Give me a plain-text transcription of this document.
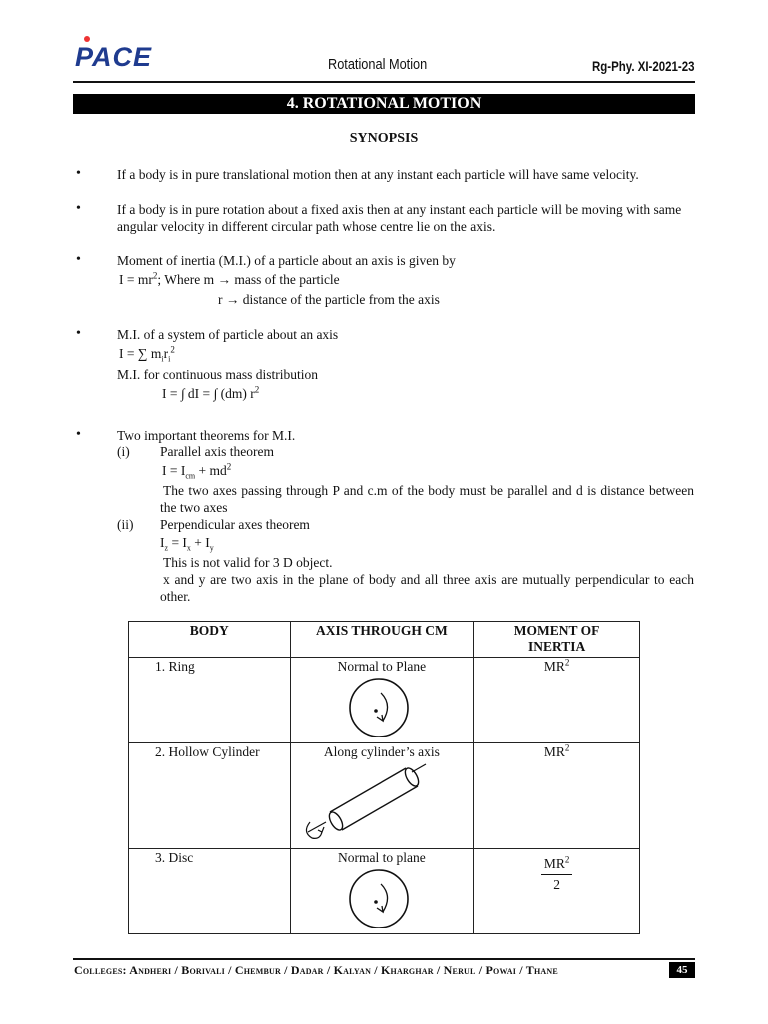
PACE	Rotational Motion	Rg-Phy. XI-2021-23
4. ROTATIONAL MOTION
SYNOPSIS
•	If a body is in pure translational motion then at any instant each particle will have same velocity.
•	If a body is in pure rotation about a fixed axis then at any instant each particle will be moving with same angular velocity in different circular path whose centre lie on the axis.
•	Moment of inertia (M.I.) of a particle about an axis is given by
$I = mr^2$; Where m → mass of the particle
r → distance of the particle from the axis
•	M.I. of a system of particle about an axis
I = ∑ $m_ir_i^2$
M.I. for continuous mass distribution
I = ∫ dI = ∫ (dm) $r^2$
•	Two important theorems for M.I.
(i) Parallel axis theorem
$I = I_{cm} + md^2$
The two axes passing through P and c.m of the body must be parallel and d is distance between the two axes
(ii) Perpendicular axes theorem
$I_z = I_x + I_y$
This is not valid for 3 D object.
x and y are two axis in the plane of body and all three axis are mutually perpendicular to each other.
BODY	AXIS THROUGH CM	MOMENT OF INERTIA
1. Ring	Normal to Plane	$MR^2$
2. Hollow Cylinder	Along cylinder’s axis	$MR^2$
3. Disc	Normal to plane	$\frac{MR^2}{2}$
Colleges: Andheri / Borivali / Chembur / Dadar / Kalyan / Kharghar / Nerul / Powai / Thane	45
